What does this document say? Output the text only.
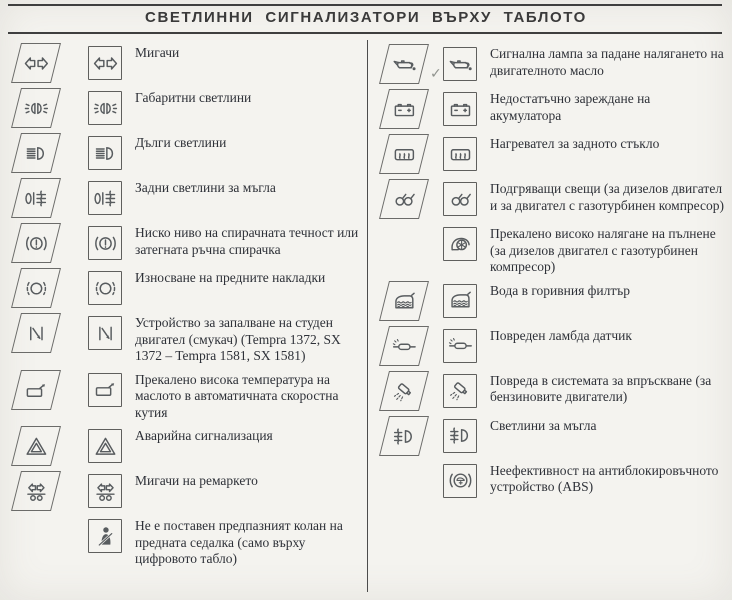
СВЕТЛИННИ СИГНАЛИЗАТОРИ ВЪРХУ ТАБЛОТО
Мигачи
Габаритни светлини
Дълги светлини
Задни светлини за мъгла
Ниско ниво на спирачната течност или затегната ръчна спирачка
Износване на предните накладки
Устройство за запалване на студен двигател (смукач) (Tempra 1372, SX 1372 – Tempra 1581, SX 1581)
Прекалено висока температура на маслото в автоматичната скоростна кутия
Аварийна сигнализация
Мигачи на ремаркето
Не е поставен предпазният колан на предната седалка (само върху цифровото табло)
✓
Сигнална лампа за падане налягането на двигателното масло
Недостатъчно зареждане на акумулатора
Нагревател за задното стъкло
Подгряващи свещи (за дизелов двигател и за двигател с газотурбинен компресор)
Прекалено високо налягане на пълнене (за дизелов двигател с газотурбинен компресор)
Вода в горивния филтър
Повреден ламбда датчик
Повреда в системата за впръскване (за бензиновите двигатели)
Светлини за мъгла
Неефективност на антиблокировъчното устройство (ABS)
